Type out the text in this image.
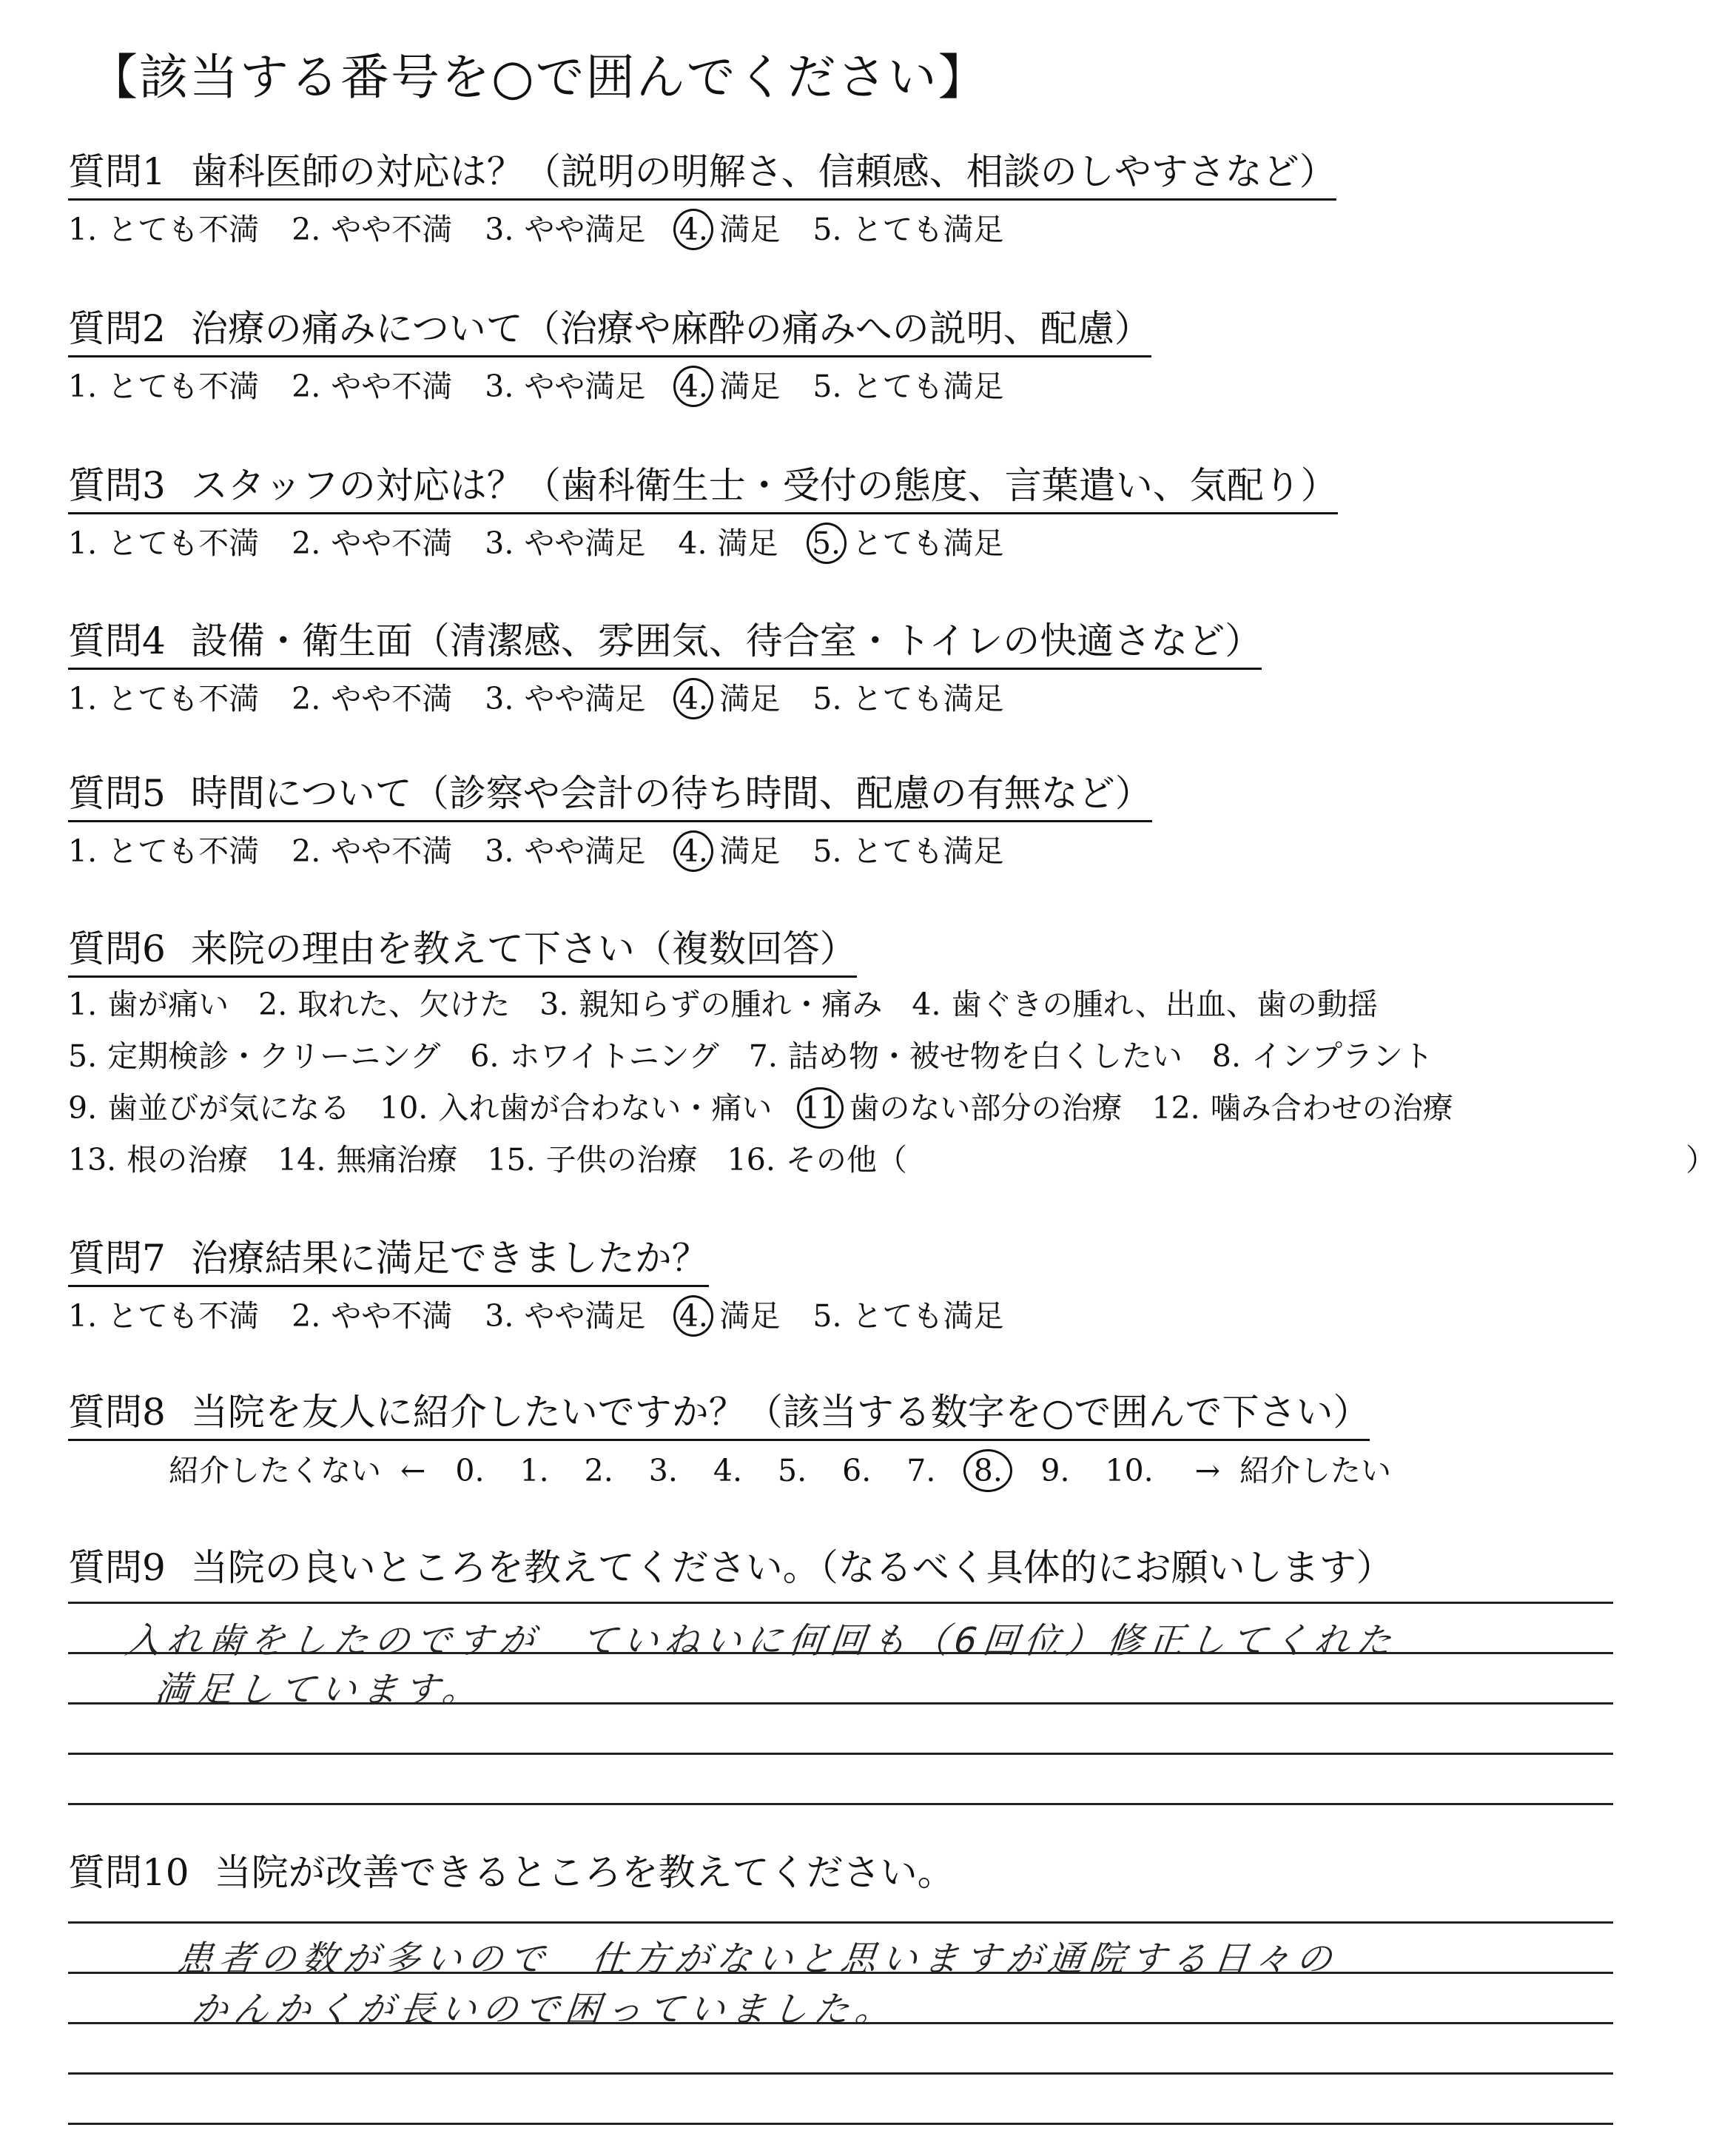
【該当する番号を○で囲んでください】
質問1 歯科医師の対応は？（説明の明解さ、信頼感、相談のしやすさなど）
1. とても不満 2. やや不満 3. やや満足 4. 満足 5. とても満足
質問2 治療の痛みについて（治療や麻酔の痛みへの説明、配慮）
1. とても不満 2. やや不満 3. やや満足 4. 満足 5. とても満足
質問3 スタッフの対応は？（歯科衛生士・受付の態度、言葉遣い、気配り）
1. とても不満 2. やや不満 3. やや満足 4. 満足 5. とても満足
質問4 設備・衛生面（清潔感、雰囲気、待合室・トイレの快適さなど）
1. とても不満 2. やや不満 3. やや満足 4. 満足 5. とても満足
質問5 時間について（診察や会計の待ち時間、配慮の有無など）
1. とても不満 2. やや不満 3. やや満足 4. 満足 5. とても満足
質問6 来院の理由を教えて下さい（複数回答）
1. 歯が痛い 2. 取れた、欠けた 3. 親知らずの腫れ・痛み 4. 歯ぐきの腫れ、出血、歯の動揺
5. 定期検診・クリーニング 6. ホワイトニング 7. 詰め物・被せ物を白くしたい 8. インプラント
9. 歯並びが気になる 10. 入れ歯が合わない・痛い 11 歯のない部分の治療 12. 噛み合わせの治療
13. 根の治療 14. 無痛治療 15. 子供の治療 16. その他（	）
質問7 治療結果に満足できましたか？
1. とても不満 2. やや不満 3. やや満足 4. 満足 5. とても満足
質問8 当院を友人に紹介したいですか？（該当する数字を○で囲んで下さい）
紹介したくない ← 0. 1. 2. 3. 4. 5. 6. 7.	8.	9. 10. → 紹介したい
質問9 当院の良いところを教えてください。（なるべく具体的にお願いします）
入れ歯をしたのですが　ていねいに何回も（6回位）修正してくれた
満足しています。
質問10 当院が改善できるところを教えてください。
患者の数が多いので　仕方がないと思いますが通院する日々の
かんかくが長いので困っていました。
